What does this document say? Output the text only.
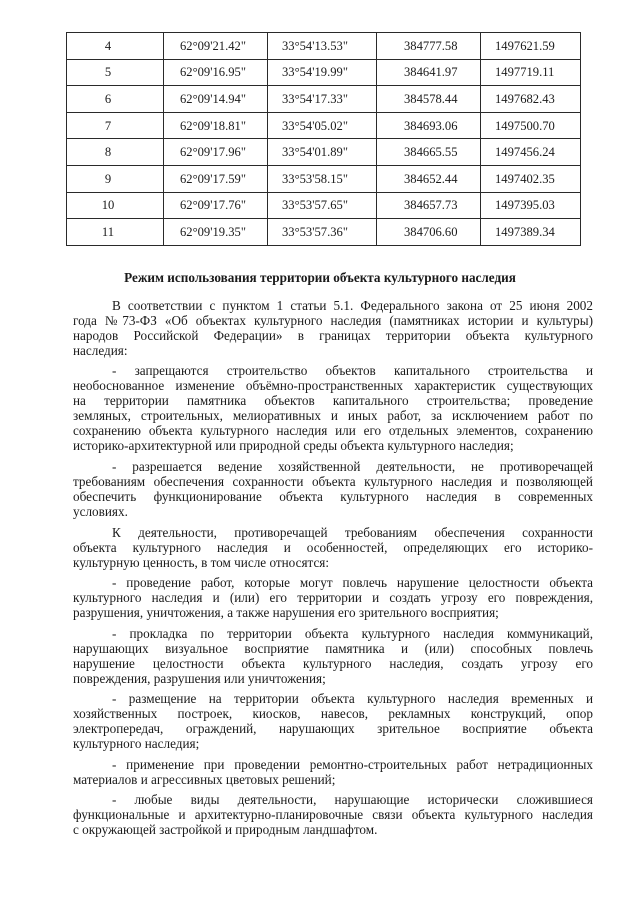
4	62°09'21.42"	33°54'13.53"	384777.58	1497621.59
5	62°09'16.95"	33°54'19.99"	384641.97	1497719.11
6	62°09'14.94"	33°54'17.33"	384578.44	1497682.43
7	62°09'18.81"	33°54'05.02"	384693.06	1497500.70
8	62°09'17.96"	33°54'01.89"	384665.55	1497456.24
9	62°09'17.59"	33°53'58.15"	384652.44	1497402.35
10	62°09'17.76"	33°53'57.65"	384657.73	1497395.03
11	62°09'19.35"	33°53'57.36"	384706.60	1497389.34
Режим использования территории объекта культурного наследия
В соответствии с пунктом 1 статьи 5.1. Федерального закона от 25 июня 2002
года №73-ФЗ «Об объектах культурного наследия (памятниках истории и культуры)
народов Российской Федерации» в границах территории объекта культурного
наследия:
- запрещаются строительство объектов капитального строительства и
необоснованное изменение объёмно-пространственных характеристик существующих
на территории памятника объектов капитального строительства; проведение
земляных, строительных, мелиоративных и иных работ, за исключением работ по
сохранению объекта культурного наследия или его отдельных элементов, сохранению
историко-архитектурной или природной среды объекта культурного наследия;
- разрешается ведение хозяйственной деятельности, не противоречащей
требованиям обеспечения сохранности объекта культурного наследия и позволяющей
обеспечить функционирование объекта культурного наследия в современных
условиях.
К деятельности, противоречащей требованиям обеспечения сохранности
объекта культурного наследия и особенностей, определяющих его историко-
культурную ценность, в том числе относятся:
- проведение работ, которые могут повлечь нарушение целостности объекта
культурного наследия и (или) его территории и создать угрозу его повреждения,
разрушения, уничтожения, а также нарушения его зрительного восприятия;
- прокладка по территории объекта культурного наследия коммуникаций,
нарушающих визуальное восприятие памятника и (или) способных повлечь
нарушение целостности объекта культурного наследия, создать угрозу его
повреждения, разрушения или уничтожения;
- размещение на территории объекта культурного наследия временных и
хозяйственных построек, киосков, навесов, рекламных конструкций, опор
электропередач, ограждений, нарушающих зрительное восприятие объекта
культурного наследия;
- применение при проведении ремонтно-строительных работ нетрадиционных
материалов и агрессивных цветовых решений;
- любые виды деятельности, нарушающие исторически сложившиеся
функциональные и архитектурно-планировочные связи объекта культурного наследия
с окружающей застройкой и природным ландшафтом.
